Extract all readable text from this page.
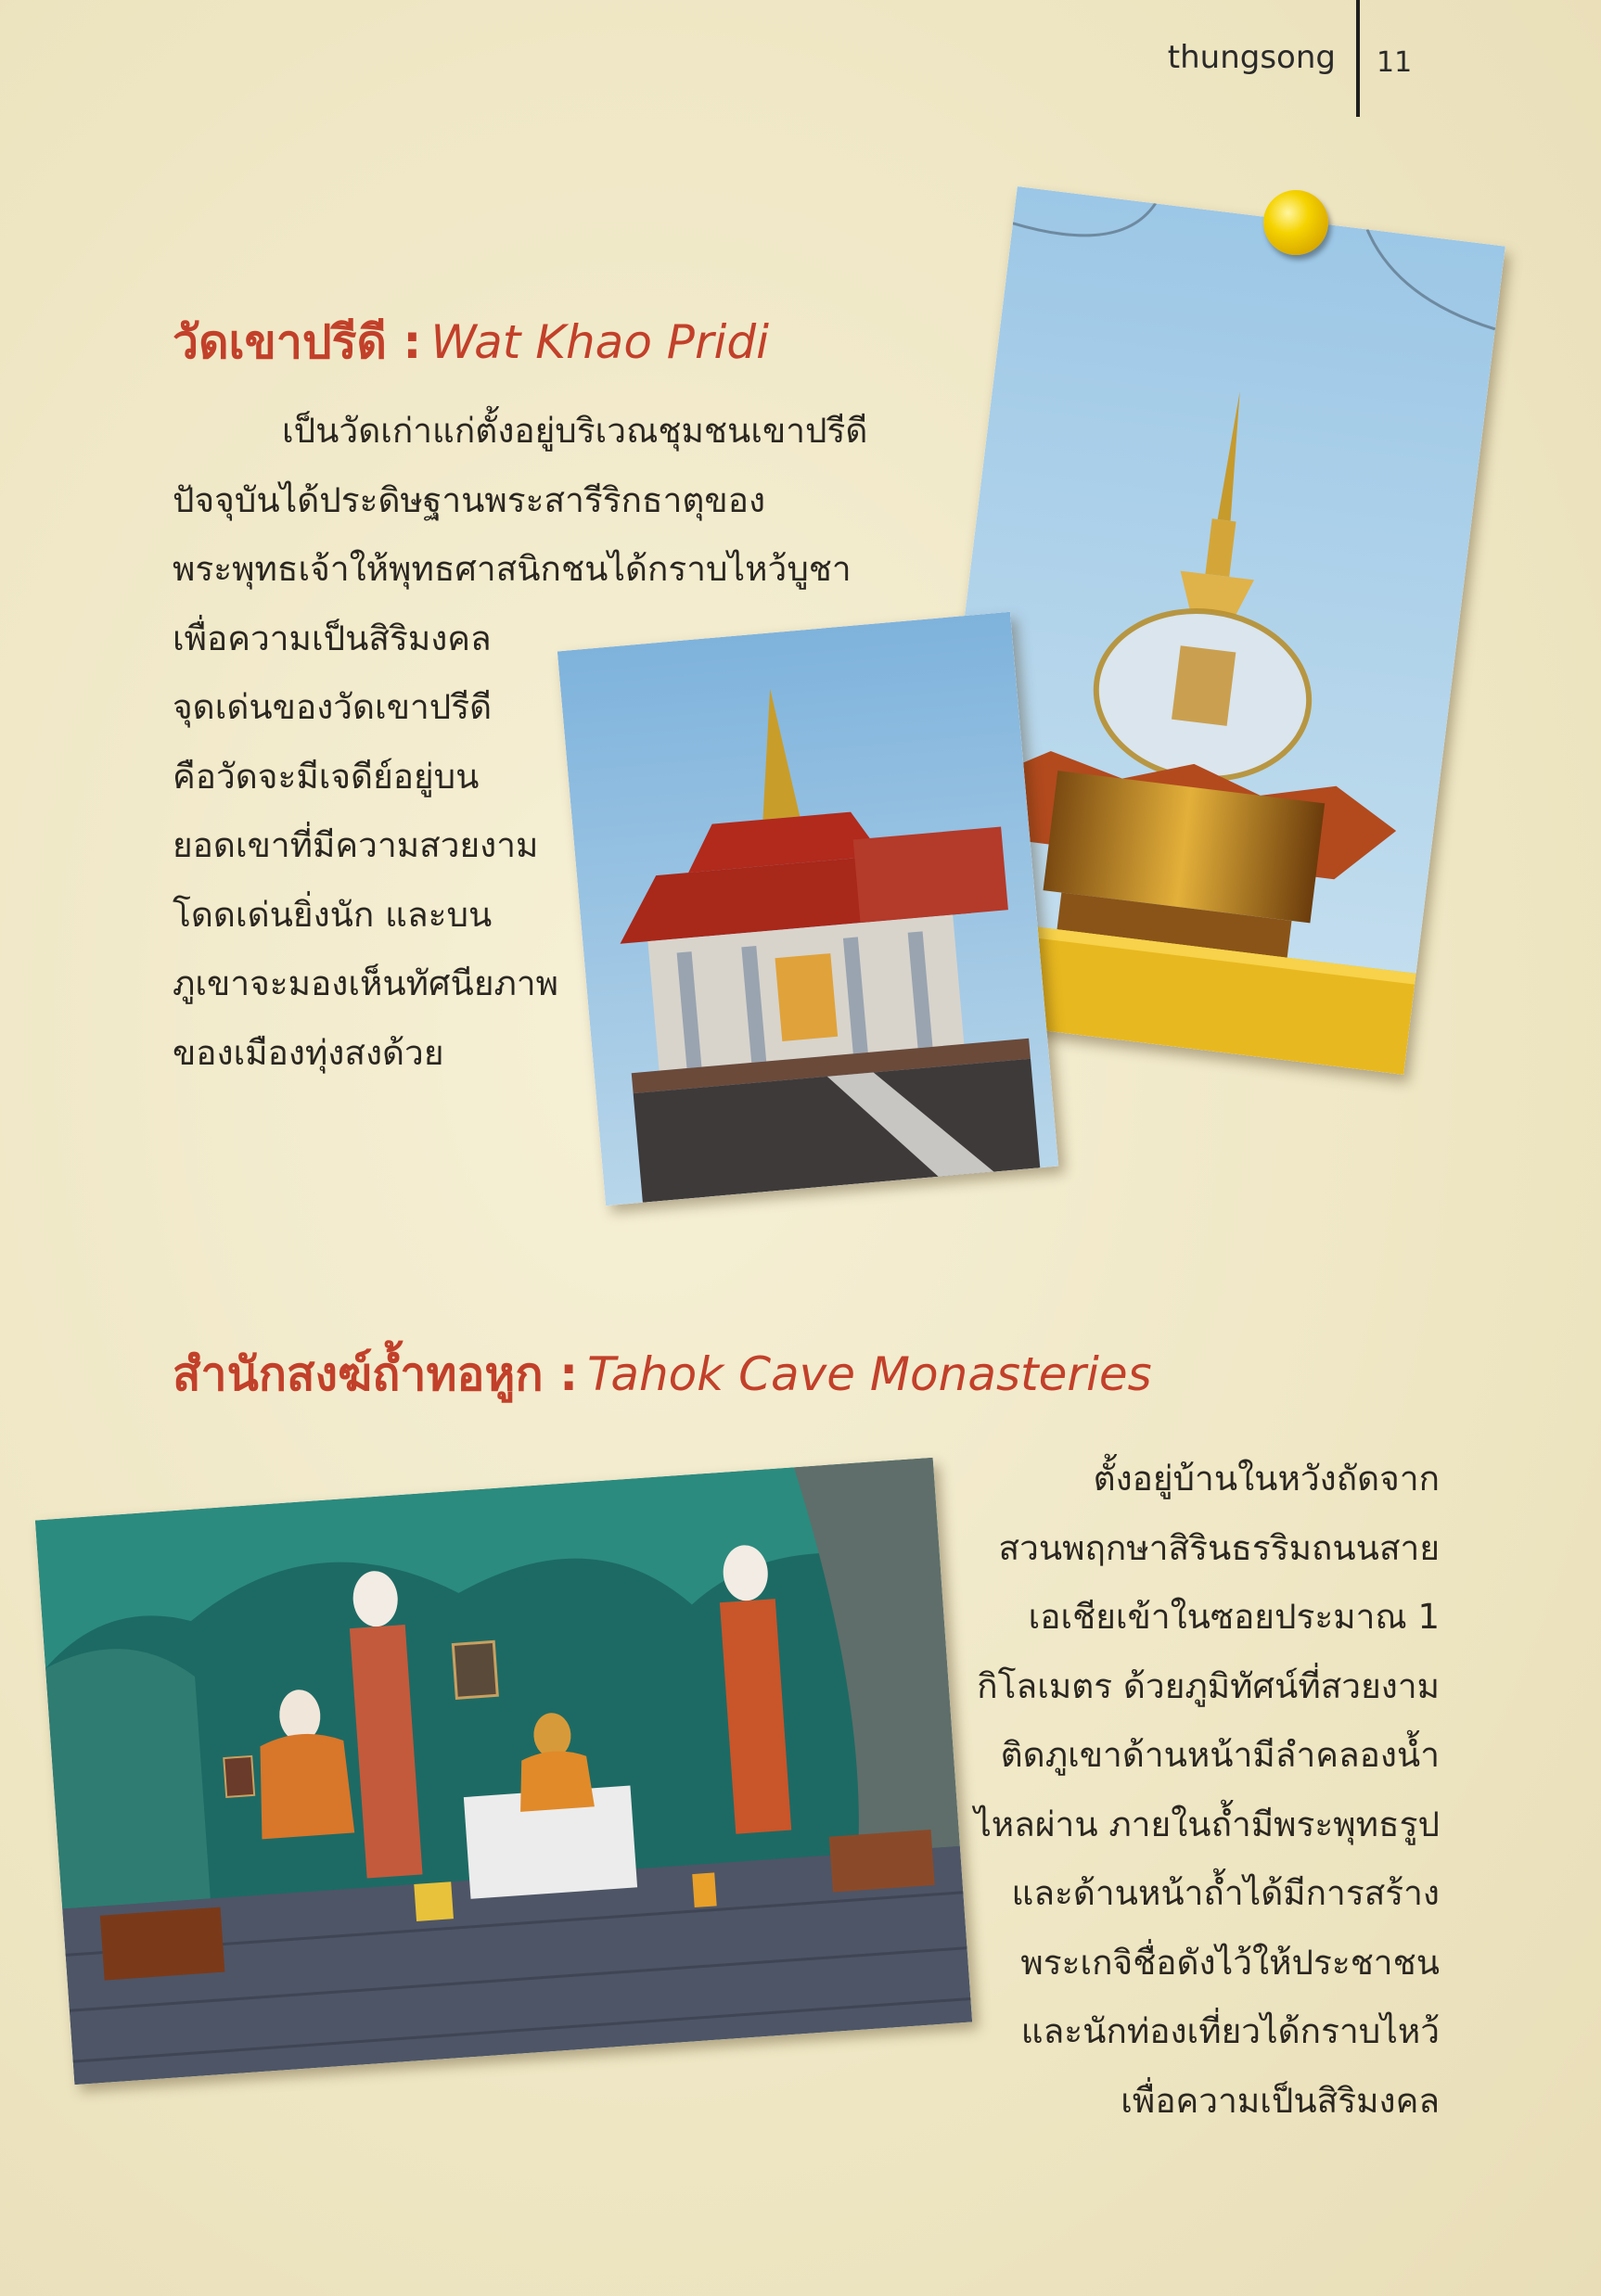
thungsong 11
วัดเขาปรีดี : Wat Khao Pridi
เป็นวัดเก่าแก่ตั้งอยู่บริเวณชุมชนเขาปรีดี
ปัจจุบันได้ประดิษฐานพระสารีริกธาตุของ
พระพุทธเจ้าให้พุทธศาสนิกชนได้กราบไหว้บูชา
เพื่อความเป็นสิริมงคล
จุดเด่นของวัดเขาปรีดี
คือวัดจะมีเจดีย์อยู่บน
ยอดเขาที่มีความสวยงาม
โดดเด่นยิ่งนัก และบน
ภูเขาจะมองเห็นทัศนียภาพ
ของเมืองทุ่งสงด้วย
สำนักสงฆ์ถ้ำทอหูก : Tahok Cave Monasteries
ตั้งอยู่บ้านในหวังถัดจาก
สวนพฤกษาสิรินธรริมถนนสาย
เอเชียเข้าในซอยประมาณ 1
กิโลเมตร ด้วยภูมิทัศน์ที่สวยงาม
ติดภูเขาด้านหน้ามีลำคลองน้ำ
ไหลผ่าน ภายในถ้ำมีพระพุทธรูป
และด้านหน้าถ้ำได้มีการสร้าง
พระเกจิชื่อดังไว้ให้ประชาชน
และนักท่องเที่ยวได้กราบไหว้
เพื่อความเป็นสิริมงคล
